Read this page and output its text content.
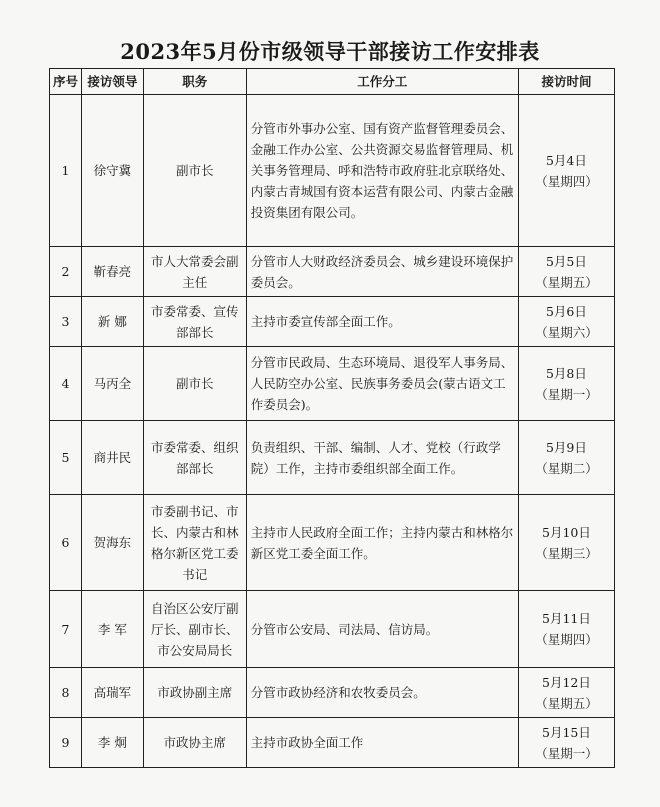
2023年5月份市级领导干部接访工作安排表
序号	接访领导	职务	工作分工	接访时间
1	徐守冀	副市长	分管市外事办公室、国有资产监督管理委员会、金融工作办公室、公共资源交易监督管理局、机关事务管理局、呼和浩特市政府驻北京联络处、内蒙古青城国有资本运营有限公司、内蒙古金融投资集团有限公司。	5月4日
（星期四）

2	靳春亮	市人大常委会副主任	分管市人大财政经济委员会、城乡建设环境保护委员会。	5月5日
（星期五）

3	新 娜	市委常委、宣传部部长	主持市委宣传部全面工作。	5月6日
（星期六）

4	马丙全	副市长	分管市民政局、生态环境局、退役军人事务局、人民防空办公室、民族事务委员会(蒙古语文工作委员会)。	5月8日
（星期一）

5	商井民	市委常委、组织部部长	负责组织、干部、编制、人才、党校（行政学院）工作，主持市委组织部全面工作。	5月9日
（星期二）

6	贺海东	市委副书记、市长、内蒙古和林格尔新区党工委书记	主持市人民政府全面工作；主持内蒙古和林格尔新区党工委全面工作。	5月10日
（星期三）

7	李 军	自治区公安厅副厅长、副市长、市公安局局长	分管市公安局、司法局、信访局。	5月11日
（星期四）

8	高瑞军	市政协副主席	分管市政协经济和农牧委员会。	5月12日
（星期五）

9	李 炯	市政协主席	主持市政协全面工作	5月15日
（星期一）
